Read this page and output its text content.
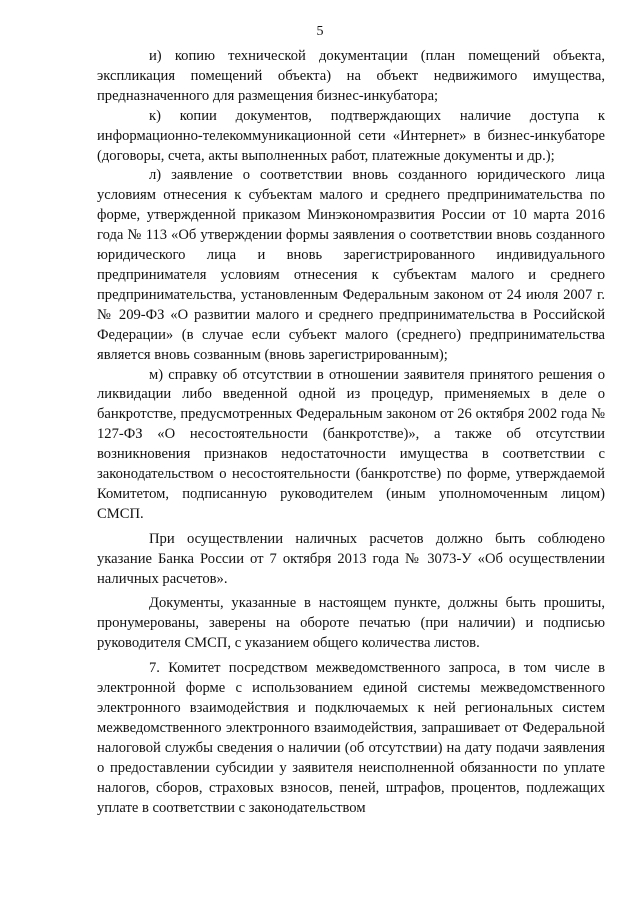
5

и) копию технической документации (план помещений объекта, экспликация помещений объекта) на объект недвижимого имущества, предназначенного для размещения бизнес-инкубатора;

к) копии документов, подтверждающих наличие доступа к информационно-телекоммуникационной сети «Интернет» в бизнес-инкубаторе (договоры, счета, акты выполненных работ, платежные документы и др.);

л) заявление о соответствии вновь созданного юридического лица условиям отнесения к субъектам малого и среднего предпринимательства по форме, утвержденной приказом Минэкономразвития России от 10 марта 2016 года № 113 «Об утверждении формы заявления о соответствии вновь созданного юридического лица и вновь зарегистрированного индивидуального предпринимателя условиям отнесения к субъектам малого и среднего предпринимательства, установленным Федеральным законом от 24 июля 2007 г. № 209-ФЗ «О развитии малого и среднего предпринимательства в Российской Федерации» (в случае если субъект малого (среднего) предпринимательства является вновь созванным (вновь зарегистрированным);

м) справку об отсутствии в отношении заявителя принятого решения о ликвидации либо введенной одной из процедур, применяемых в деле о банкротстве, предусмотренных Федеральным законом от 26 октября 2002 года № 127-ФЗ «О несостоятельности (банкротстве)», а также об отсутствии возникновения признаков недостаточности имущества в соответствии с законодательством о несостоятельности (банкротстве) по форме, утверждаемой Комитетом, подписанную руководителем (иным уполномоченным лицом) СМСП.

При осуществлении наличных расчетов должно быть соблюдено указание Банка России от 7 октября 2013 года № 3073-У «Об осуществлении наличных расчетов».

Документы, указанные в настоящем пункте, должны быть прошиты, пронумерованы, заверены на обороте печатью (при наличии) и подписью руководителя СМСП, с указанием общего количества листов.

7. Комитет посредством межведомственного запроса, в том числе в электронной форме с использованием единой системы межведомственного электронного взаимодействия и подключаемых к ней региональных систем межведомственного электронного взаимодействия, запрашивает от Федеральной налоговой службы сведения о наличии (об отсутствии) на дату подачи заявления о предоставлении субсидии у заявителя неисполненной обязанности по уплате налогов, сборов, страховых взносов, пеней, штрафов, процентов, подлежащих уплате в соответствии с законодательством
